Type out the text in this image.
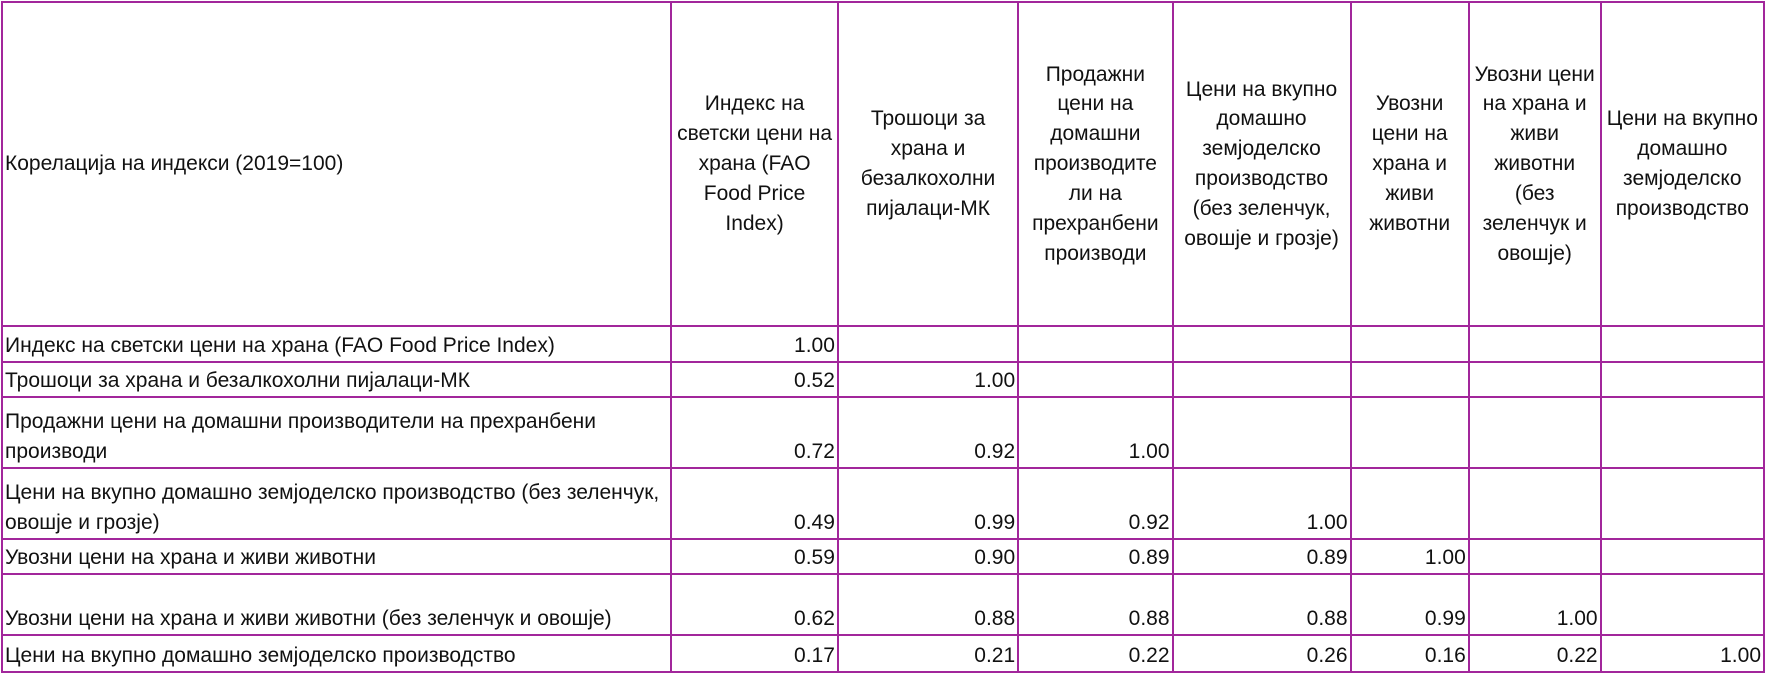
Корелација на индекси (2019=100)	Индекс на светски цени на храна (FAO Food Price Index)	Трошоци за храна и безалкохолни пијалаци-МК	Продажни цени на домашни производите ли на прехранбени производи	Цени на вкупно домашно земјоделско производство (без зеленчук, овошје и грозје)	Увозни цени на храна и живи животни	Увозни цени на храна и живи животни (без зеленчук и овошје)	Цени на вкупно домашно земјоделско производство
Индекс на светски цени на храна (FAO Food Price Index)	1.00						
Трошоци за храна и безалкохолни пијалаци-МК	0.52	1.00					
Продажни цени на домашни производители на прехранбени производи	0.72	0.92	1.00				
Цени на вкупно домашно земјоделско производство (без зеленчук, овошје и грозје)	0.49	0.99	0.92	1.00			
Увозни цени на храна и живи животни	0.59	0.90	0.89	0.89	1.00		
Увозни цени на храна и живи животни (без зеленчук и овошје)	0.62	0.88	0.88	0.88	0.99	1.00	
Цени на вкупно домашно земјоделско производство	0.17	0.21	0.22	0.26	0.16	0.22	1.00
